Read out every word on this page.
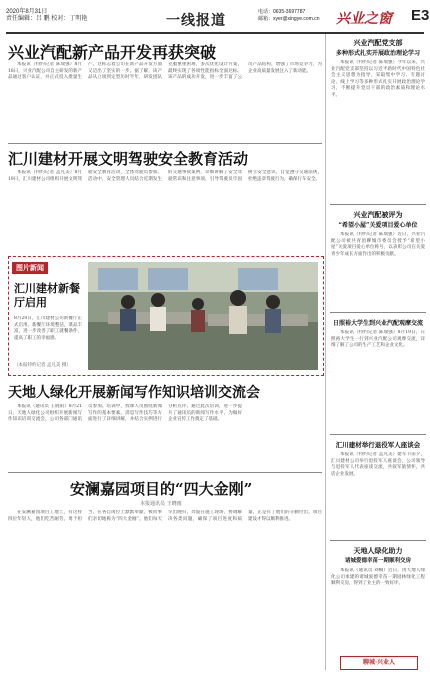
2020年8月31日
责任编辑：吕 鹏 校对：丁明艳	一线报道
电话：0635-3697787
邮箱：xyer@xingye.com.cn 兴业之窗 E3
兴业汽配新产品开发再获突破

本报讯（特约记者 陈瑞强）8月18日，兴业汽配公司自主研发的新产品通过客户认证，并正式投入批量生产。这标志着公司在新产品开发方面又迈出了坚实的一步。据了解，该产品从立项到定型历时半年，研发团队克服重重困难，多次优化设计方案，最终实现了各项性能指标全面达标。该产品的成功开发，进一步丰富了公司产品结构，增强了市场竞争力，为企业高质量发展注入了新动能。

汇川建材开展文明驾驶安全教育活动

本报讯（特约记者 孟凡美）8月19日，汇川建材公司组织开展文明驾驶安全教育活动，全体驾驶员参加。活动中，安全管理人员结合近期发生的交通事故案例，详细讲解了安全驾驶常识和注意事项，引导驾驶员牢固树立安全意识，自觉遵守交通法规，杜绝违章驾驶行为，确保行车安全。

图片新闻
汇川建材新餐厅启用
8月20日，汇川建材公司新餐厅正式启用。新餐厅环境整洁，菜品丰富，进一步改善了职工就餐条件，提高了职工的幸福感。
（本报特约记者 孟凡美 摄）
天地人绿化开展新闻写作知识培训交流会

本报讯（通讯员 王晓雨）8月21日，天地人绿化公司组织开展新闻写作知识培训交流会，公司各部门通讯员参加。培训中，授课人员围绕新闻写作的基本要素、消息写作技巧等方面进行了详细讲解，并结合实例进行分析点评。通过此次培训，进一步提升了通讯员的新闻写作水平，为做好企业宣传工作奠定了基础。

安澜嘉园项目的“四大金刚”
本报通讯员 王晓雨

在安澜嘉园项目工地上，有这样四位年轻人，他们吃苦耐劳、勇于担当，在各自岗位上默默奉献，被同事们亲切地称为“四大金刚”。他们每天早出晚归，奔波在施工现场，协调解决各类问题，确保了项目进度和质量。正是有了他们的辛勤付出，项目建设才得以顺利推进。

兴业汽配党支部
多种形式扎实开展政治理论学习

本报讯（特约记者 陈瑞强）今年以来，兴业汽配党支部坚持以习近平新时代中国特色社会主义思想为指导，采取集中学习、专题讨论、线上学习等多种形式扎实开展政治理论学习，不断提升党员干部的政治素质和理论水平。

兴业汽配被评为
“希望小屋”关爱项目爱心单位

本报讯（特约记者 陈瑞强）近日，兴业汽配公司被共青团聊城市委员会授予“希望小屋”关爱项目爱心单位称号，以表彰公司在关爱青少年成长方面作出的积极贡献。

日照裕大学生到兴业汽配观摩交流

本报讯（特约记者 陈瑞强）8月19日，日照裕大学生一行到兴业汽配公司观摩交流，详细了解了公司的生产工艺和企业文化。

汇川建材举行退役军人座谈会

本报讯（特约记者 孟凡美）建军节前夕，汇川建材公司举行退役军人座谈会，公司领导与退役军人代表座谈交流，共叙军旅情怀，共话企业发展。

天地人绿化助力
诸城爱德幸苗一期顺利交房

本报讯（通讯员 刘楠）近日，由天地人绿化公司承建的诸城爱德幸苗一期园林绿化工程顺利交房，得到了业主的一致好评。

聊城·兴业人
